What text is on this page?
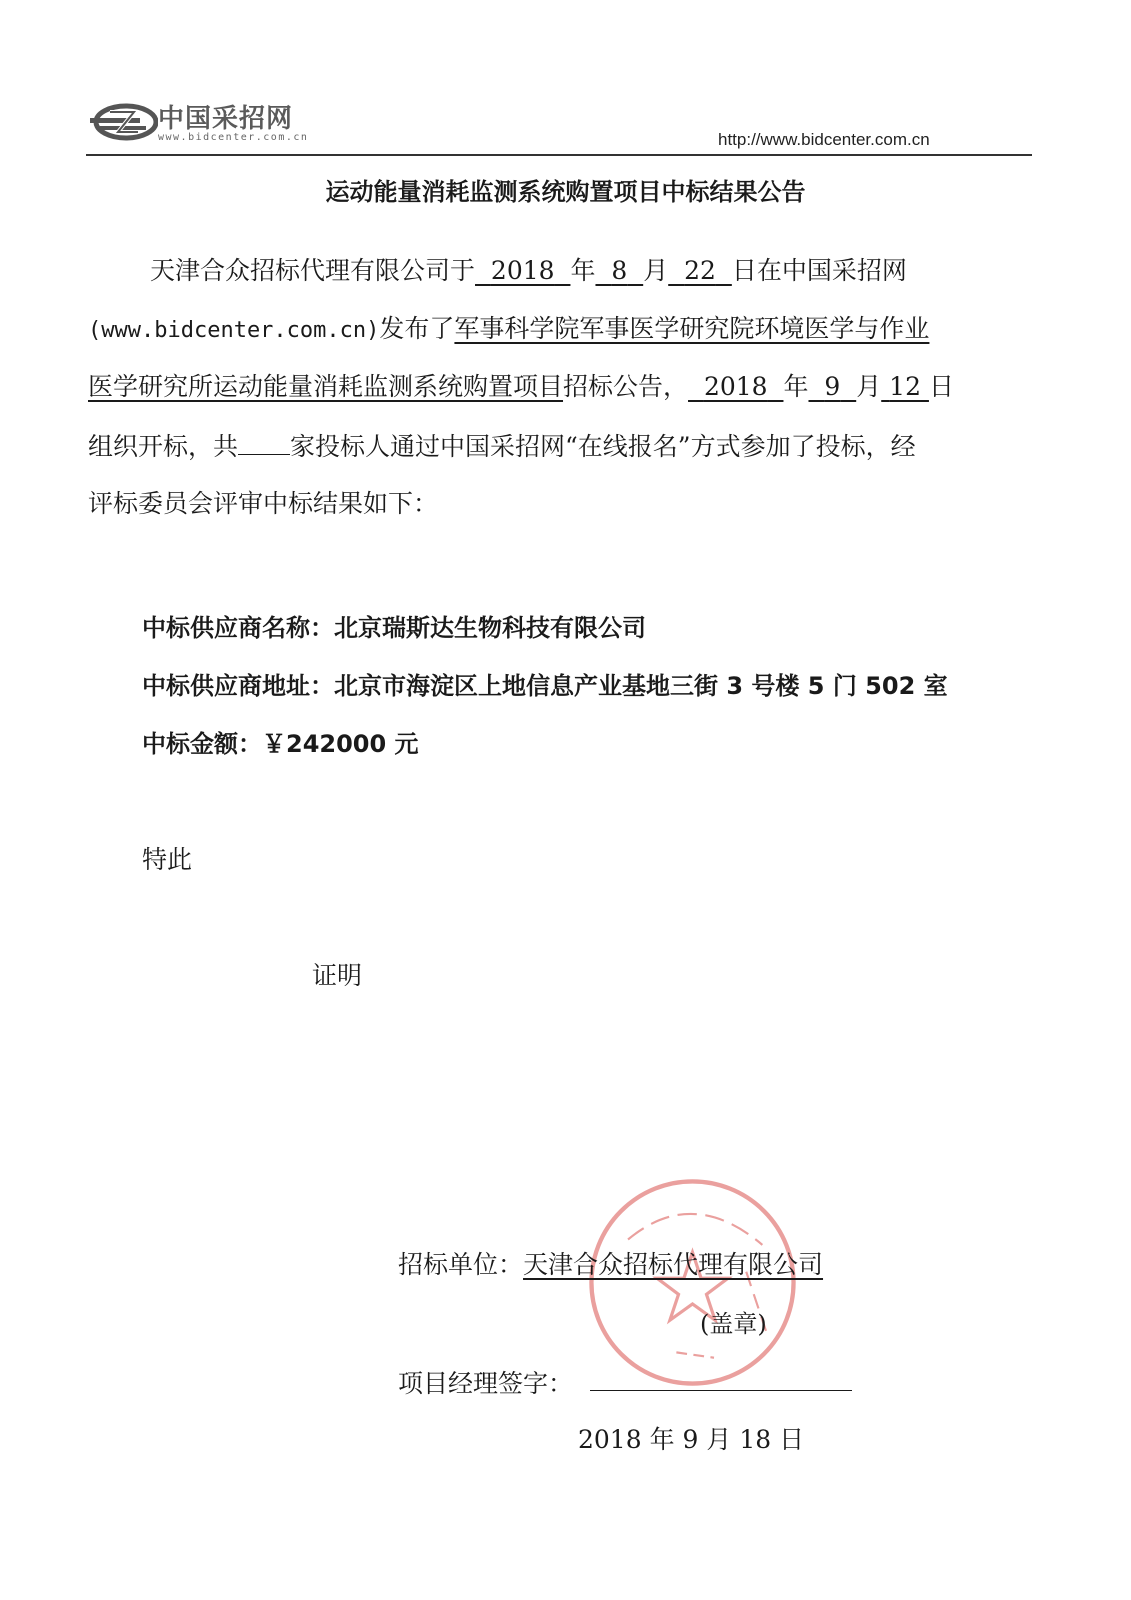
中国采招网
www.bidcenter.com.cn	http://www.bidcenter.com.cn
运动能量消耗监测系统购置项目中标结果公告
天津合众招标代理有限公司于 2018 年 8 月 22 日在中国采招网
(www.bidcenter.com.cn)发布了军事科学院军事医学研究院环境医学与作业
医学研究所运动能量消耗监测系统购置项目招标公告， 2018 年 9 月 12 日
组织开标，共 家投标人通过中国采招网“在线报名”方式参加了投标，经
评标委员会评审中标结果如下：
中标供应商名称：北京瑞斯达生物科技有限公司
中标供应商地址：北京市海淀区上地信息产业基地三街 3 号楼 5 门 502 室
中标金额：￥242000 元
特此
证明
招标单位：天津合众招标代理有限公司
(盖章)
项目经理签字：
2018 年 9 月 18 日
